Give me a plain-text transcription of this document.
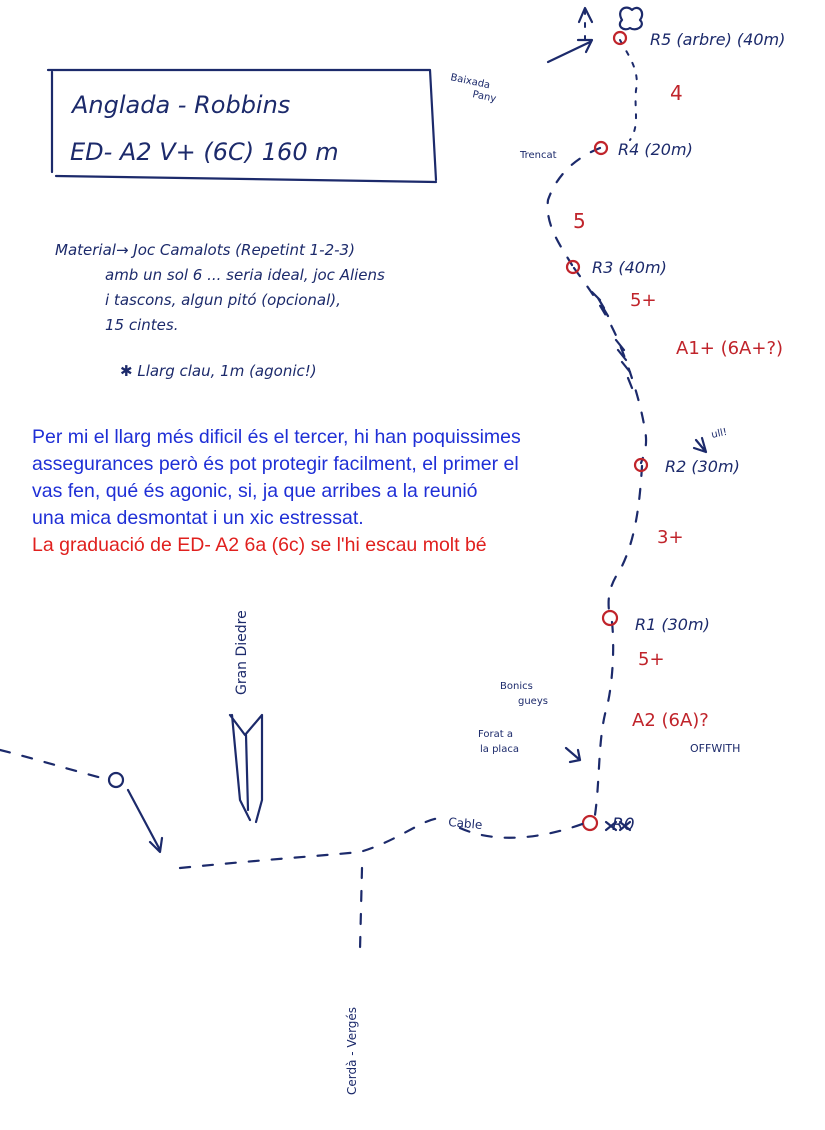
Anglada - Robbins
ED- A2 V+ (6C) 160 m
Material→ Joc Camalots (Repetint 1-2-3)
amb un sol 6 ... seria ideal, joc Aliens
i tascons, algun pitó (opcional),
15 cintes.
✱ Llarg clau, 1m (agonic!)
R5 (arbre) (40m)
R4 (20m)
R3 (40m)
R2 (30m)
R1 (30m)
R0
4
5
5+
A1+ (6A+?)
3+
5+
A2 (6A)?
Baixada
Pany
Trencat
ull!
Bonics
gueys
Forat a
la placa	OFFWITH
Cable
Gran Diedre
Cerdà - Vergés

Per mi el llarg més dificil és el tercer, hi han poquissimes

assegurances però és pot protegir facilment, el primer el

vas fen, qué és agonic, si, ja que arribes a la reunió

una mica desmontat i un xic estressat.

La graduació de ED- A2 6a (6c) se l'hi escau molt bé
